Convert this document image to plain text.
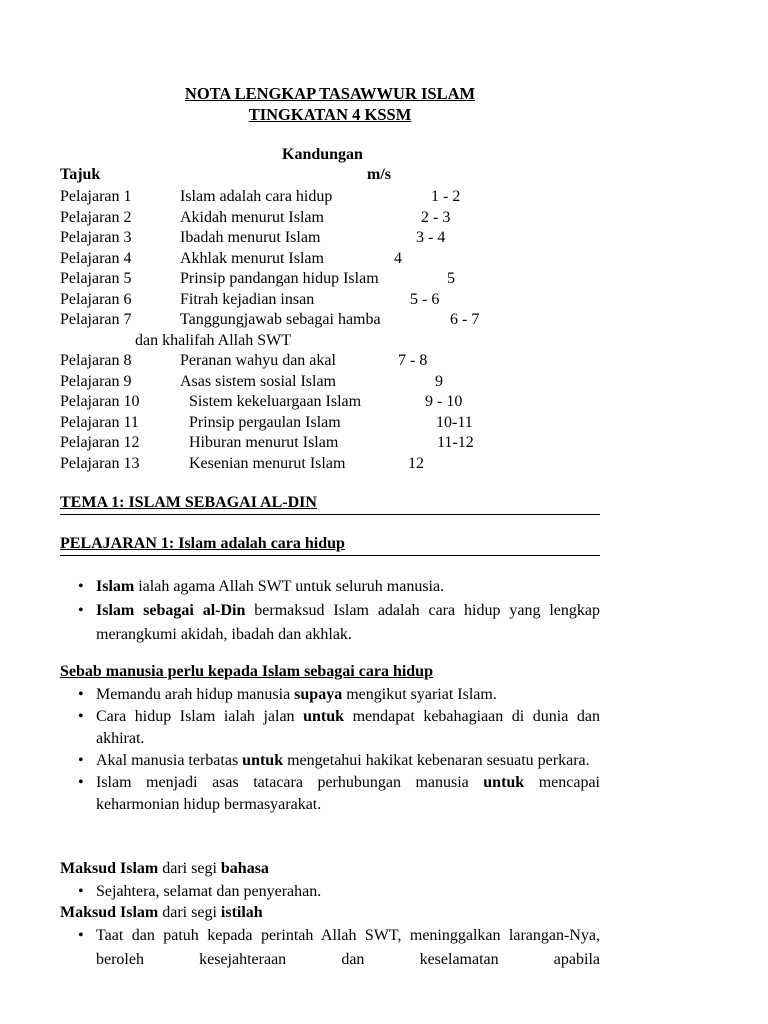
NOTA LENGKAP TASAWWUR ISLAM
TINGKATAN 4 KSSM
Kandungan
Tajuk	m/s
Pelajaran 1	Islam adalah cara hidup	1 - 2
Pelajaran 2	Akidah menurut Islam	2 - 3
Pelajaran 3	Ibadah menurut Islam	3 - 4
Pelajaran 4	Akhlak menurut Islam	4
Pelajaran 5	Prinsip pandangan hidup Islam	5
Pelajaran 6	Fitrah kejadian insan	5 - 6
Pelajaran 7	Tanggungjawab sebagai hamba	6 - 7
dan khalifah Allah SWT
Pelajaran 8	Peranan wahyu dan akal	7 - 8
Pelajaran 9	Asas sistem sosial Islam	9
Pelajaran 10	Sistem kekeluargaan Islam	9 - 10
Pelajaran 11	Prinsip pergaulan Islam	10-11
Pelajaran 12	Hiburan menurut Islam	11-12
Pelajaran 13	Kesenian menurut Islam	12
TEMA 1: ISLAM SEBAGAI AL-DIN
PELAJARAN 1: Islam adalah cara hidup
• Islam ialah agama Allah SWT untuk seluruh manusia.
• Islam sebagai al-Din bermaksud Islam adalah cara hidup yang lengkap merangkumi akidah, ibadah dan akhlak.
Sebab manusia perlu kepada Islam sebagai cara hidup
• Memandu arah hidup manusia supaya mengikut syariat Islam.
• Cara hidup Islam ialah jalan untuk mendapat kebahagiaan di dunia dan akhirat.
• Akal manusia terbatas untuk mengetahui hakikat kebenaran sesuatu perkara.
• Islam menjadi asas tatacara perhubungan manusia untuk mencapai keharmonian hidup bermasyarakat.
Maksud Islam dari segi bahasa
• Sejahtera, selamat dan penyerahan.
Maksud Islam dari segi istilah
• Taat dan patuh kepada perintah Allah SWT, meninggalkan larangan-Nya, beroleh kesejahteraan dan keselamatan apabila
